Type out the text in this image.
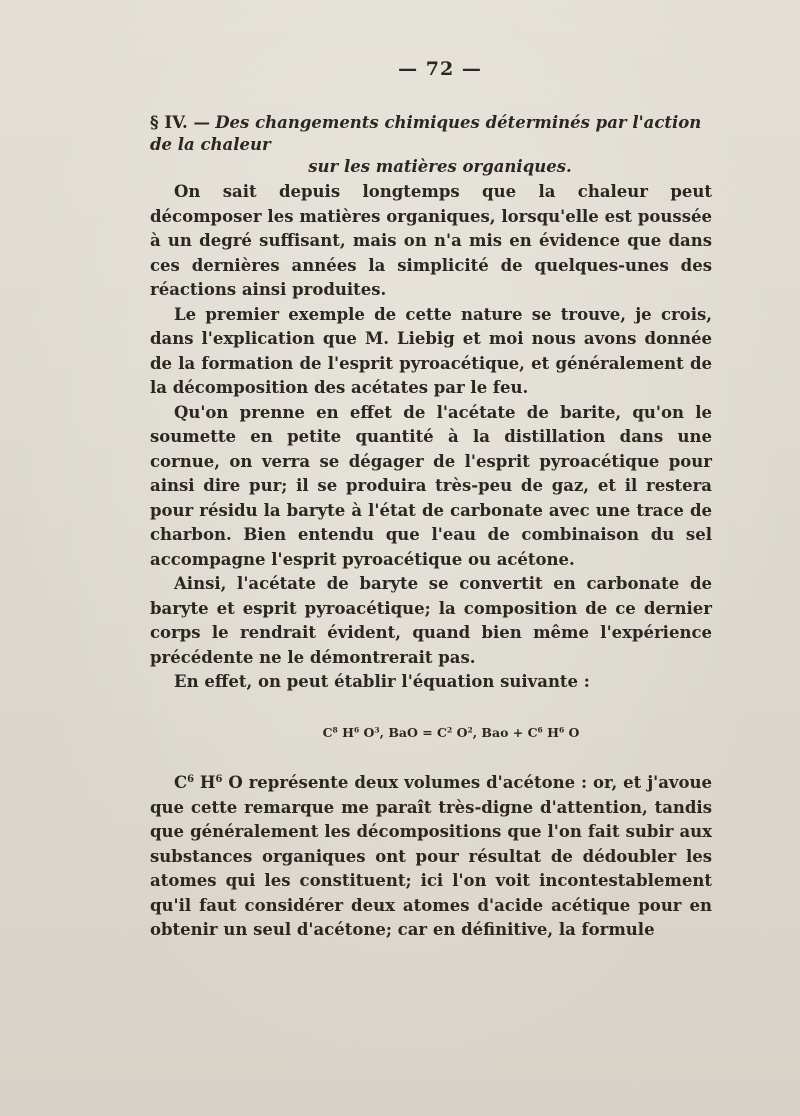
— 72 —
§ IV. — Des changements chimiques déterminés par l'action de la chaleur
sur les matières organiques.

On sait depuis longtemps que la chaleur peut décomposer les matières organiques, lorsqu'elle est poussée à un degré suffisant, mais on n'a mis en évidence que dans ces dernières années la simplicité de quelques-unes des réactions ainsi produites.

Le premier exemple de cette nature se trouve, je crois, dans l'explication que M. Liebig et moi nous avons donnée de la formation de l'esprit pyroacétique, et généralement de la décomposition des acétates par le feu.

Qu'on prenne en effet de l'acétate de barite, qu'on le soumette en petite quantité à la distillation dans une cornue, on verra se dégager de l'esprit pyroacétique pour ainsi dire pur; il se produira très-peu de gaz, et il restera pour résidu la baryte à l'état de carbonate avec une trace de charbon. Bien entendu que l'eau de combinaison du sel accompagne l'esprit pyroacétique ou acétone.

Ainsi, l'acétate de baryte se convertit en carbonate de baryte et esprit pyroacétique; la composition de ce dernier corps le rendrait évident, quand bien même l'expérience précédente ne le démontrerait pas.

En effet, on peut établir l'équation suivante :

$C^8$ $H^6$ $O^3$, BaO = $C^2$ $O^2$, Bao + $C^6$ $H^6$ O

$C^6$ $H^6$ O représente deux volumes d'acétone : or, et j'avoue que cette remarque me paraît très-digne d'attention, tandis que généralement les décompositions que l'on fait subir aux substances organiques ont pour résultat de dédoubler les atomes qui les constituent; ici l'on voit incontestablement qu'il faut considérer deux atomes d'acide acétique pour en obtenir un seul d'acétone; car en définitive, la formule
